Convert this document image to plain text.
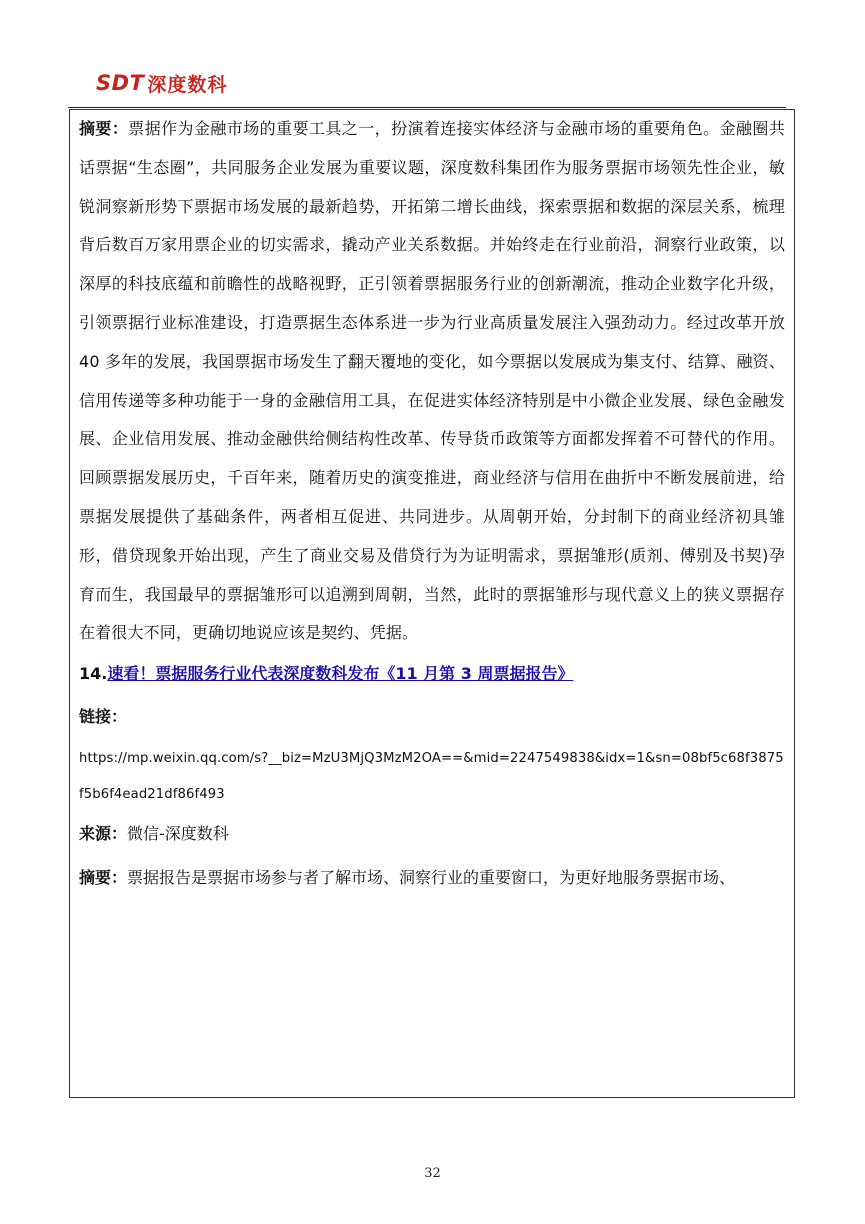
SDT 深度数科

摘要：票据作为金融市场的重要工具之一，扮演着连接实体经济与金融市场的重要角色。金融圈共话票据“生态圈”，共同服务企业发展为重要议题，深度数科集团作为服务票据市场领先性企业，敏锐洞察新形势下票据市场发展的最新趋势，开拓第二增长曲线，探索票据和数据的深层关系，梳理背后数百万家用票企业的切实需求，撬动产业关系数据。并始终走在行业前沿，洞察行业政策，以深厚的科技底蕴和前瞻性的战略视野，正引领着票据服务行业的创新潮流，推动企业数字化升级，引领票据行业标准建设，打造票据生态体系进一步为行业高质量发展注入强劲动力。经过改革开放 40 多年的发展，我国票据市场发生了翻天覆地的变化，如今票据以发展成为集支付、结算、融资、信用传递等多种功能于一身的金融信用工具，在促进实体经济特别是中小微企业发展、绿色金融发展、企业信用发展、推动金融供给侧结构性改革、传导货币政策等方面都发挥着不可替代的作用。回顾票据发展历史，千百年来，随着历史的演变推进，商业经济与信用在曲折中不断发展前进，给票据发展提供了基础条件，两者相互促进、共同进步。从周朝开始，分封制下的商业经济初具雏形，借贷现象开始出现，产生了商业交易及借贷行为为证明需求，票据雏形(质剂、傅别及书契)孕育而生，我国最早的票据雏形可以追溯到周朝，当然，此时的票据雏形与现代意义上的狭义票据存在着很大不同，更确切地说应该是契约、凭据。

14.速看！票据服务行业代表深度数科发布《11 月第 3 周票据报告》

链接：

https://mp.weixin.qq.com/s?__biz=MzU3MjQ3MzM2OA==&mid=2247549838&idx=1&sn=08bf5c68f3875f5b6f4ead21df86f493

来源：微信-深度数科

摘要：票据报告是票据市场参与者了解市场、洞察行业的重要窗口，为更好地服务票据市场、

32
